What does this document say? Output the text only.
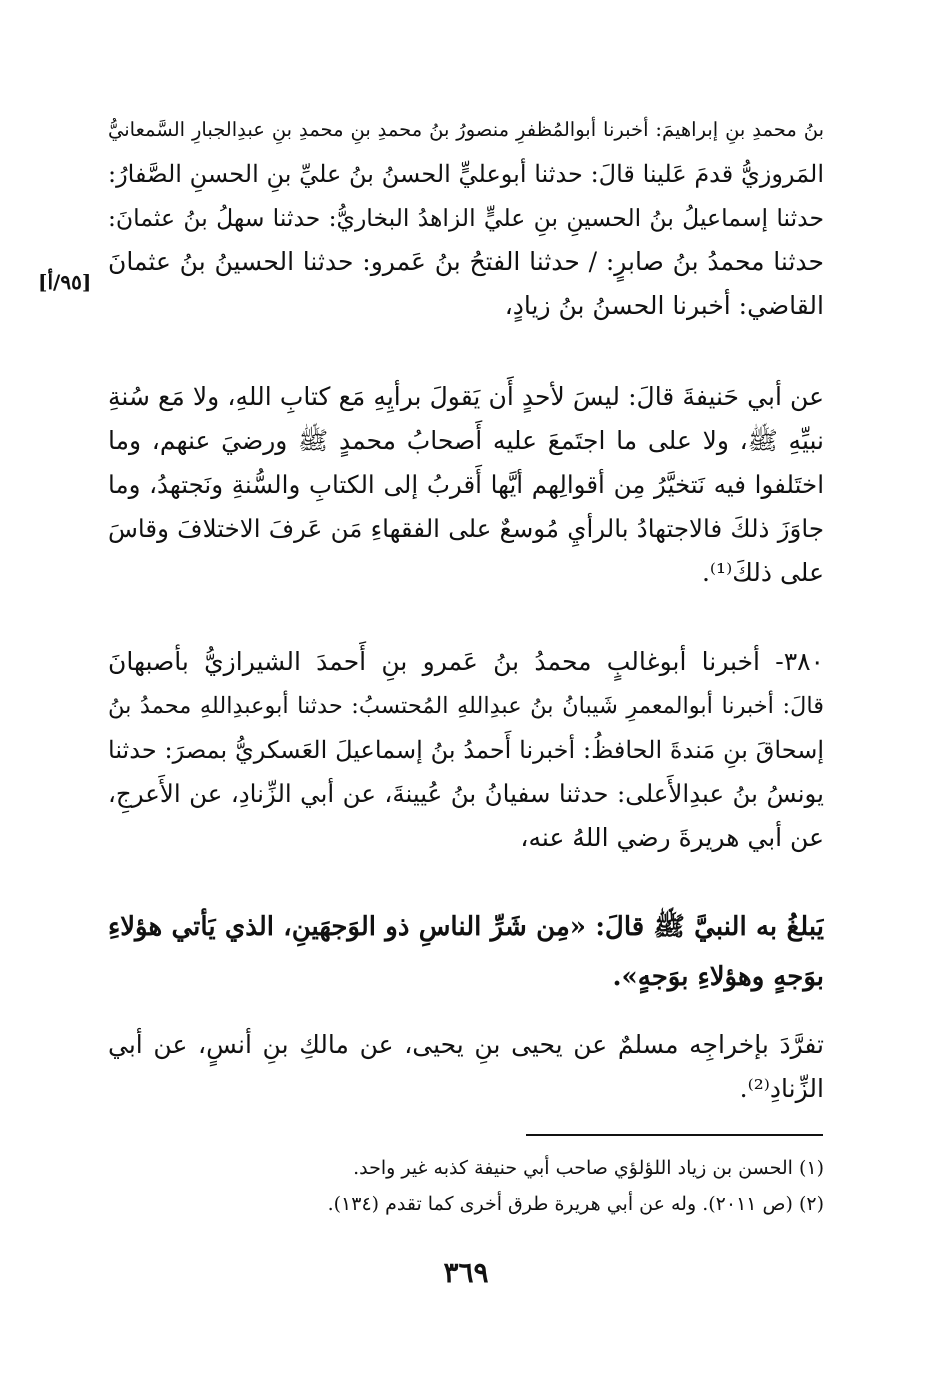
[٩٥/أ]
بنُ محمدِ بنِ إبراهيمَ: أخبرنا أبوالمُظفرِ منصورُ بنُ محمدِ بنِ محمدِ بنِ عبدِالجبارِ السَّمعانيُّ
المَروزيُّ قدمَ عَلينا قالَ: حدثنا أبوعليٍّ الحسنُ بنُ عليِّ بنِ الحسنِ الصَّفارُ:
حدثنا إسماعيلُ بنُ الحسينِ بنِ عليٍّ الزاهدُ البخاريُّ: حدثنا سهلُ بنُ عثمانَ:
حدثنا محمدُ بنُ صابرٍ: / حدثنا الفتحُ بنُ عَمرو: حدثنا الحسينُ بنُ عثمانَ
القاضي: أخبرنا الحسنُ بنُ زيادٍ،
عن أبي حَنيفةَ قالَ: ليسَ لأحدٍ أَن يَقولَ برأيِهِ مَع كتابِ اللهِ، ولا مَع سُنةِ
نبيِّهِ ﷺ، ولا على ما اجتَمعَ عليه أَصحابُ محمدٍ ﷺ ورضيَ عنهم، وما
اختَلفوا فيه نَتخيَّرُ مِن أقوالِهم أيَّها أَقربُ إلى الكتابِ والسُّنةِ ونَجتهدُ، وما
جاوَزَ ذلكَ فالاجتهادُ بالرأيِ مُوسعٌ على الفقهاءِ مَن عَرفَ الاختلافَ وقاسَ
على ذلكَ⁽¹⁾.
٣٨٠- أخبرنا أبوغالبٍ محمدُ بنُ عَمرو بنِ أَحمدَ الشيرازيُّ بأصبهانَ
قالَ: أخبرنا أبوالمعمرِ شَيبانُ بنُ عبدِاللهِ المُحتسبُ: حدثنا أبوعبدِاللهِ محمدُ بنُ
إسحاقَ بنِ مَندةَ الحافظُ: أخبرنا أَحمدُ بنُ إسماعيلَ العَسكريُّ بمصرَ: حدثنا
يونسُ بنُ عبدِالأَعلى: حدثنا سفيانُ بنُ عُيينةَ، عن أبي الزِّنادِ، عن الأَعرجِ،
عن أبي هريرةَ رضي اللهُ عنه،
يَبلغُ به النبيَّ ﷺ قالَ: «مِن شَرِّ الناسِ ذو الوَجهَينِ، الذي يَأتي هؤلاءِ
بوَجهٍ وهؤلاءِ بوَجهٍ».
تفرَّدَ بإخراجِه مسلمٌ عن يحيى بنِ يحيى، عن مالكِ بنِ أنسٍ، عن أبي
الزِّنادِ⁽²⁾.
(١) الحسن بن زياد اللؤلؤي صاحب أبي حنيفة كذبه غير واحد.
(٢) (ص ٢٠١١). وله عن أبي هريرة طرق أخرى كما تقدم (١٣٤).
٣٦٩
